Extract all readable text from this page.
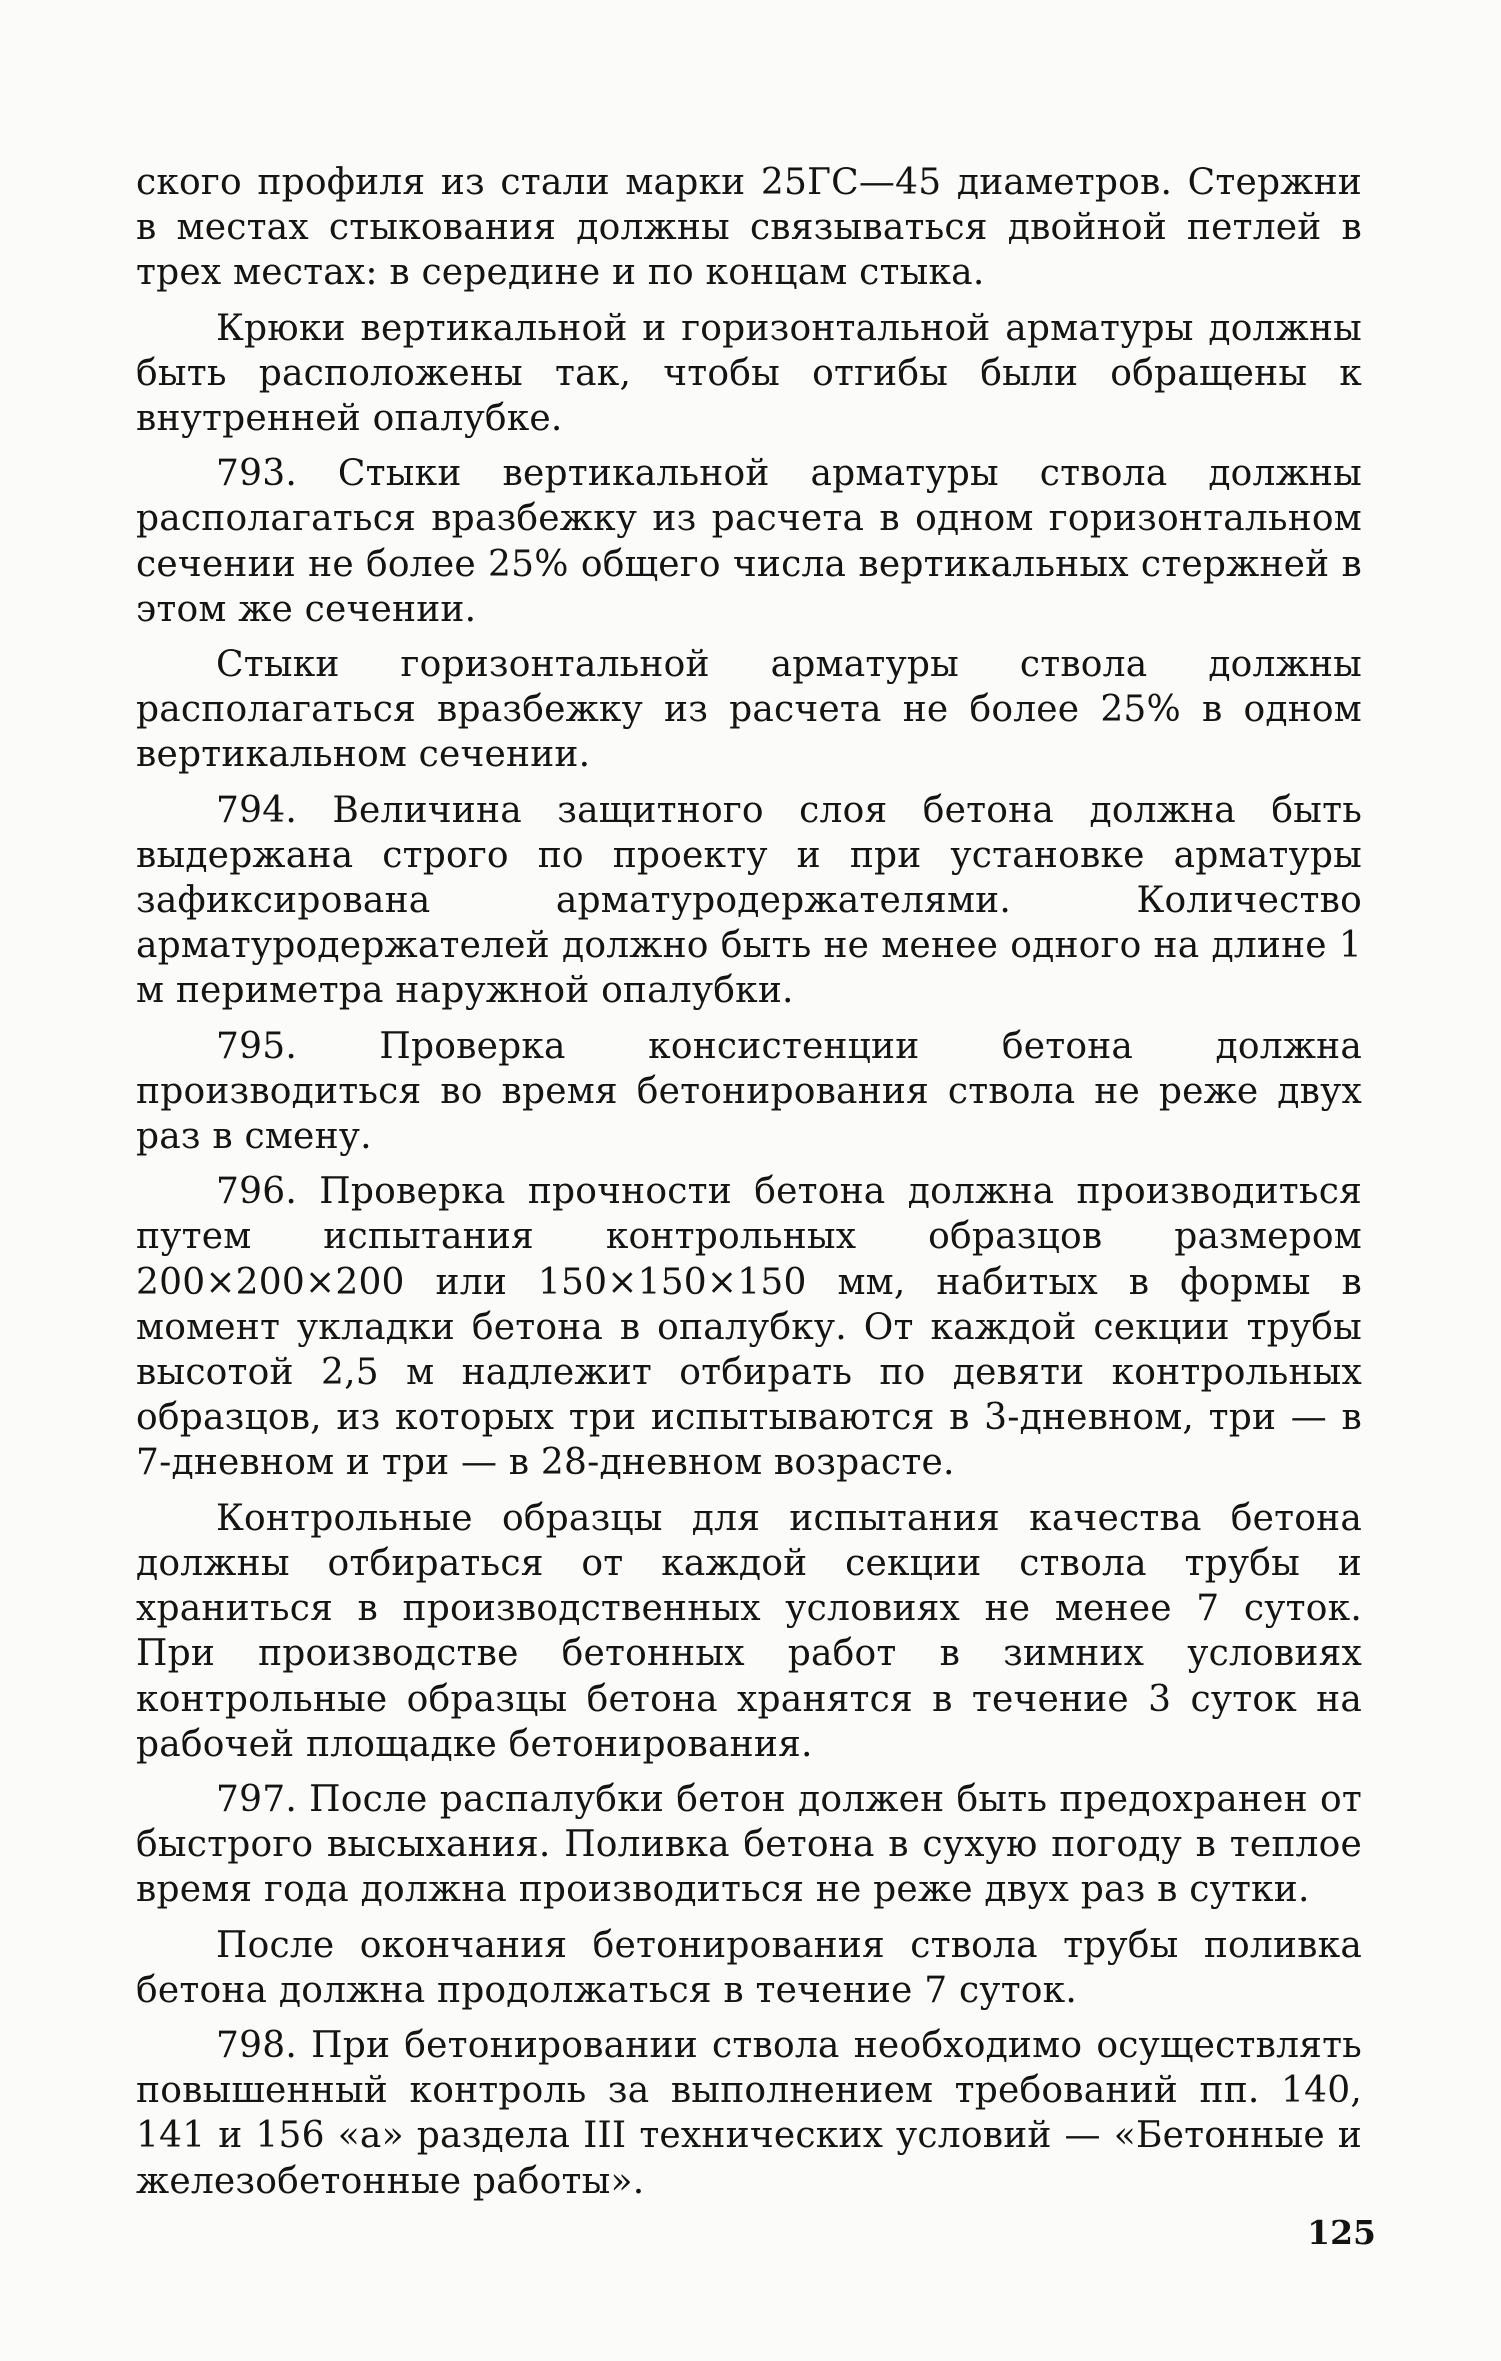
ского профиля из стали марки 25ГС—45 диаметров. Стержни в местах стыкования должны связываться двойной петлей в трех местах: в середине и по концам стыка.

Крюки вертикальной и горизонтальной арматуры должны быть расположены так, чтобы отгибы были обращены к внутренней опалубке.

793. Стыки вертикальной арматуры ствола должны располагаться вразбежку из расчета в одном горизонтальном сечении не более 25% общего числа вертикальных стержней в этом же сечении.

Стыки горизонтальной арматуры ствола должны располагаться вразбежку из расчета не более 25% в одном вертикальном сечении.

794. Величина защитного слоя бетона должна быть выдержана строго по проекту и при установке арматуры зафиксирована арматуродержателями. Количество арматуродержателей должно быть не менее одного на длине 1 м периметра наружной опалубки.

795. Проверка консистенции бетона должна производиться во время бетонирования ствола не реже двух раз в смену.

796. Проверка прочности бетона должна производиться путем испытания контрольных образцов размером 200×200×200 или 150×150×150 мм, набитых в формы в момент укладки бетона в опалубку. От каждой секции трубы высотой 2,5 м надлежит отбирать по девяти контрольных образцов, из которых три испытываются в 3-дневном, три — в 7-дневном и три — в 28-дневном возрасте.

Контрольные образцы для испытания качества бетона должны отбираться от каждой секции ствола трубы и храниться в производственных условиях не менее 7 суток. При производстве бетонных работ в зимних условиях контрольные образцы бетона хранятся в течение 3 суток на рабочей площадке бетонирования.

797. После распалубки бетон должен быть предохранен от быстрого высыхания. Поливка бетона в сухую погоду в теплое время года должна производиться не реже двух раз в сутки.

После окончания бетонирования ствола трубы поливка бетона должна продолжаться в течение 7 суток.

798. При бетонировании ствола необходимо осуществлять повышенный контроль за выполнением требований пп. 140, 141 и 156 «а» раздела III технических условий — «Бетонные и железобетонные работы».

125
